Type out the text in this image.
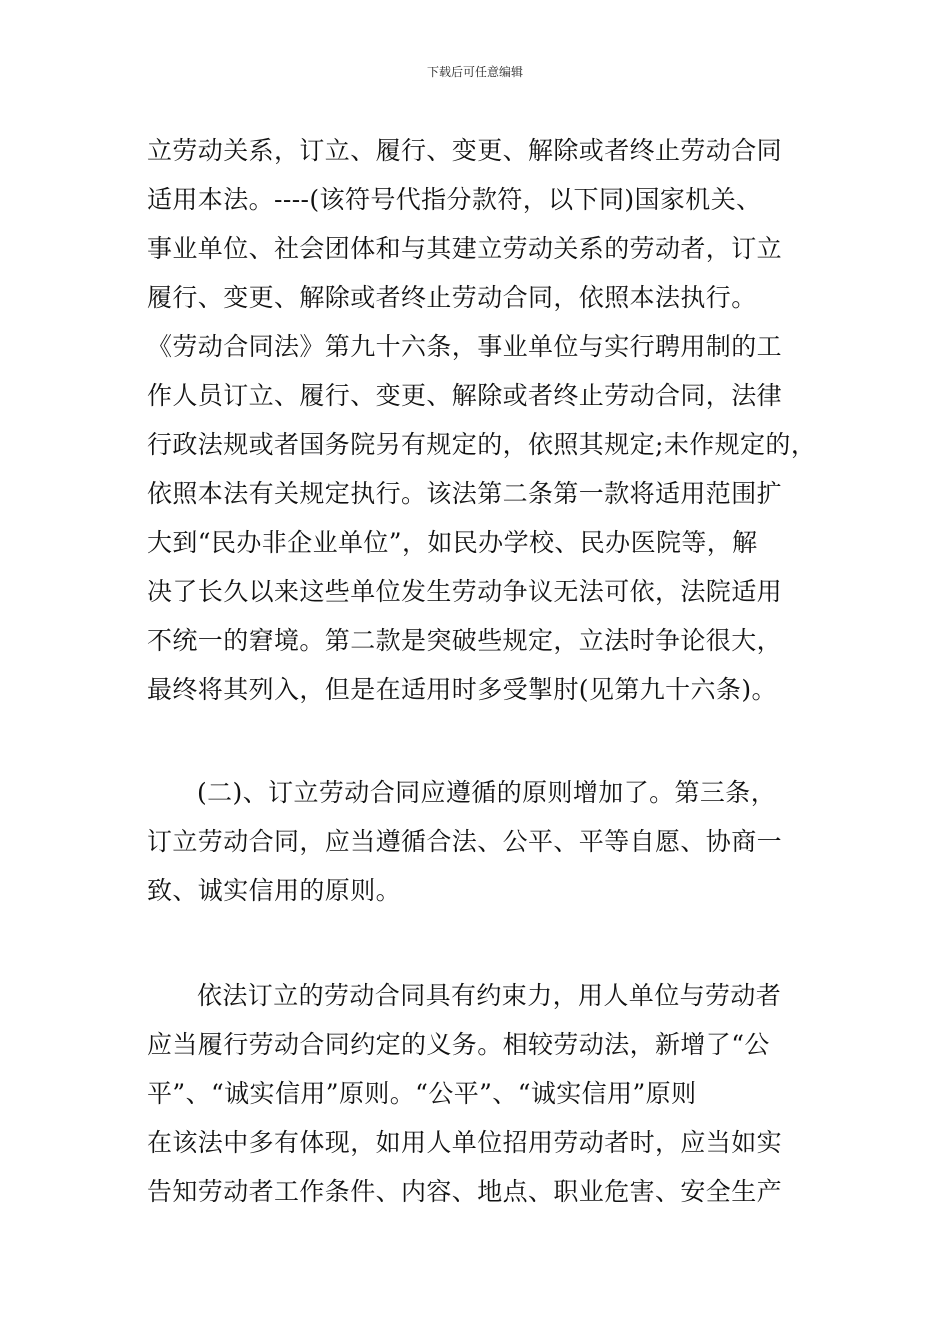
下载后可任意编辑
立劳动关系，订立、履行、变更、解除或者终止劳动合同
适用本法。----(该符号代指分款符，以下同)国家机关、
事业单位、社会团体和与其建立劳动关系的劳动者，订立
履行、变更、解除或者终止劳动合同，依照本法执行。
《劳动合同法》第九十六条，事业单位与实行聘用制的工
作人员订立、履行、变更、解除或者终止劳动合同，法律
行政法规或者国务院另有规定的，依照其规定;未作规定的，
依照本法有关规定执行。该法第二条第一款将适用范围扩
大到“民办非企业单位”，如民办学校、民办医院等，解
决了长久以来这些单位发生劳动争议无法可依，法院适用
不统一的窘境。第二款是突破些规定，立法时争论很大，
最终将其列入，但是在适用时多受掣肘(见第九十六条)。
(二)、订立劳动合同应遵循的原则增加了。第三条，
订立劳动合同，应当遵循合法、公平、平等自愿、协商一
致、诚实信用的原则。
依法订立的劳动合同具有约束力，用人单位与劳动者
应当履行劳动合同约定的义务。相较劳动法，新增了“公
平”、“诚实信用”原则。“公平”、“诚实信用”原则
在该法中多有体现，如用人单位招用劳动者时，应当如实
告知劳动者工作条件、内容、地点、职业危害、安全生产
